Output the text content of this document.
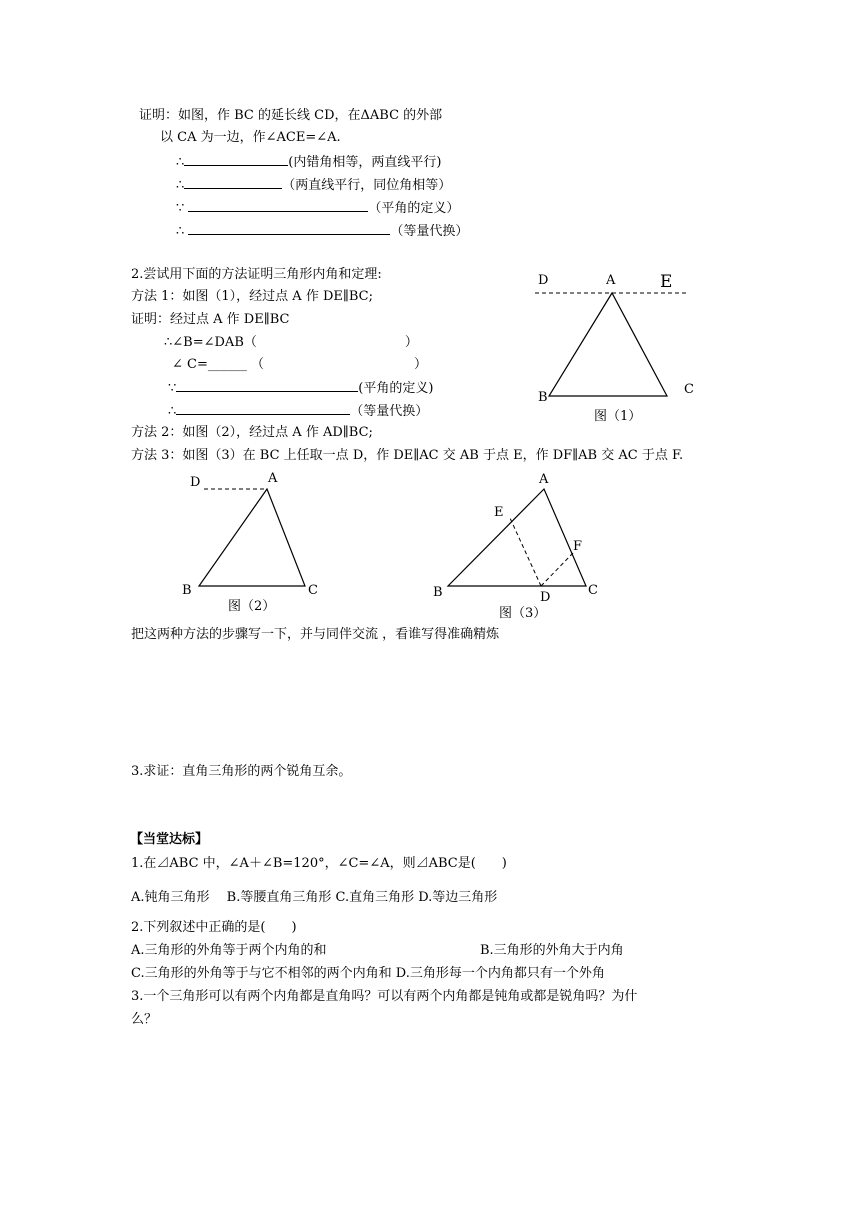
证明：如图，作 BC 的延长线 CD，在ΔABC 的外部
以 CA 为一边，作∠ACE=∠A.
∴	(内错角相等，两直线平行)
∴	（两直线平行，同位角相等）
∵	（平角的定义）
∴	（等量代换）
2.尝试用下面的方法证明三角形内角和定理:
方法 1：如图（1），经过点 A 作 DE∥BC;
证明：经过点 A 作 DE∥BC
∴∠B=∠DAB（	）
∠ C=______ （	）
∵	(平角的定义)
∴	（等量代换）
方法 2：如图（2），经过点 A 作 AD∥BC;
方法 3：如图（3）在 BC 上任取一点 D，作 DE∥AC 交 AB 于点 E，作 DF∥AB 交 AC 于点 F.
D	A	E
B
C
图（1）
D	A
B	C
图（2）
A
E
F
B	D	C
图（3）
把这两种方法的步骤写一下，并与同伴交流 ，看谁写得准确精炼
3.求证：直角三角形的两个锐角互余。
【当堂达标】
1.在⊿ABC 中，∠A＋∠B=120°，∠C=∠A，则⊿ABC是(　　)
A.钝角三角形　 B.等腰直角三角形 C.直角三角形 D.等边三角形
2.下列叙述中正确的是(　　)
A.三角形的外角等于两个内角的和	B.三角形的外角大于内角
C.三角形的外角等于与它不相邻的两个内角和 D.三角形每一个内角都只有一个外角
3.一个三角形可以有两个内角都是直角吗？可以有两个内角都是钝角或都是锐角吗？为什
么？
